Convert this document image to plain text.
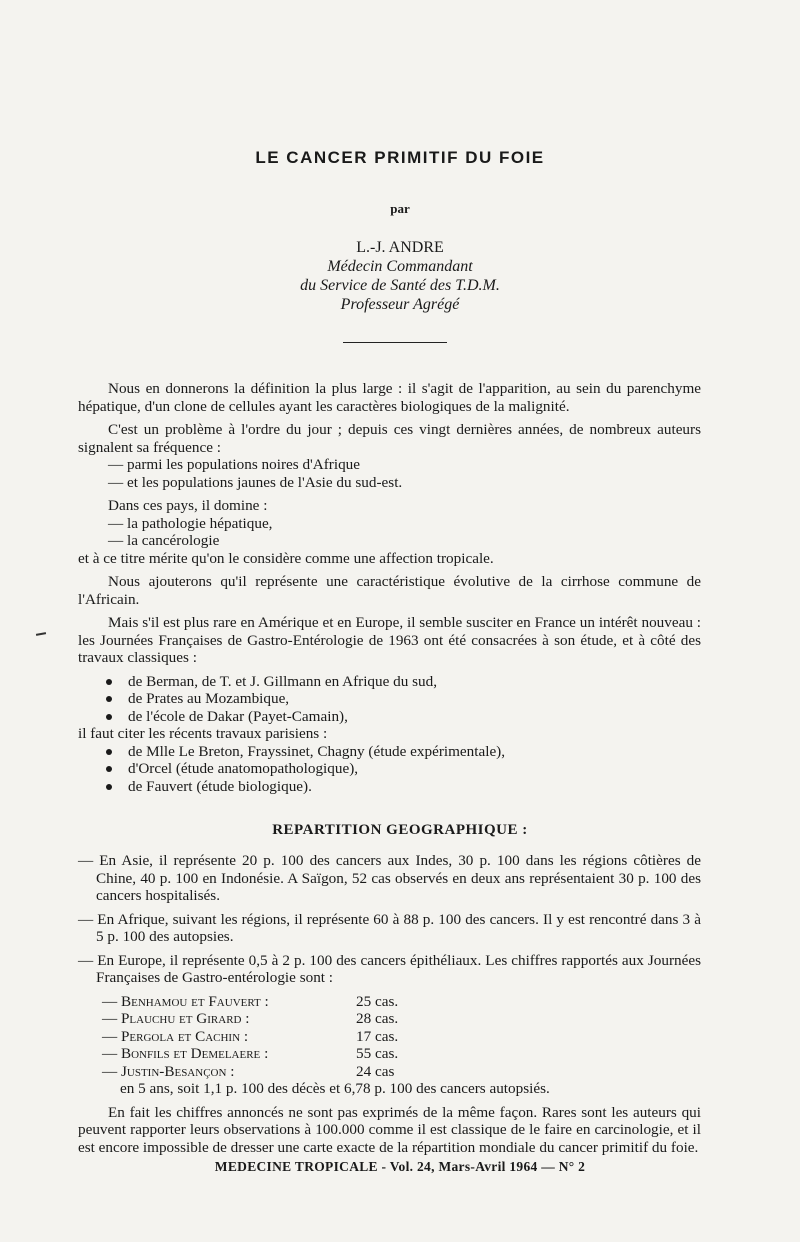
LE CANCER PRIMITIF DU FOIE
par
L.-J. ANDRE
Médecin Commandant
du Service de Santé des T.D.M.
Professeur Agrégé

Nous en donnerons la définition la plus large : il s'agit de l'apparition, au sein du parenchyme hépatique, d'un clone de cellules ayant les caractères biologiques de la malignité.

C'est un problème à l'ordre du jour ; depuis ces vingt dernières années, de nombreux auteurs signalent sa fréquence :

— parmi les populations noires d'Afrique

— et les populations jaunes de l'Asie du sud-est.

Dans ces pays, il domine :

— la pathologie hépatique,

— la cancérologie

et à ce titre mérite qu'on le considère comme une affection tropicale.

Nous ajouterons qu'il représente une caractéristique évolutive de la cirrhose commune de l'Africain.

Mais s'il est plus rare en Amérique et en Europe, il semble susciter en France un intérêt nouveau : les Journées Françaises de Gastro-Entérologie de 1963 ont été consacrées à son étude, et à côté des travaux classiques :

de Berman, de T. et J. Gillmann en Afrique du sud,

de Prates au Mozambique,

de l'école de Dakar (Payet-Camain),

il faut citer les récents travaux parisiens :

de Mlle Le Breton, Frayssinet, Chagny (étude expérimentale),

d'Orcel (étude anatomopathologique),

de Fauvert (étude biologique).

REPARTITION GEOGRAPHIQUE :

— En Asie, il représente 20 p. 100 des cancers aux Indes, 30 p. 100 dans les régions côtières de Chine, 40 p. 100 en Indonésie. A Saïgon, 52 cas observés en deux ans représentaient 30 p. 100 des cancers hospitalisés.

— En Afrique, suivant les régions, il représente 60 à 88 p. 100 des cancers. Il y est rencontré dans 3 à 5 p. 100 des autopsies.

— En Europe, il représente 0,5 à 2 p. 100 des cancers épithéliaux. Les chiffres rapportés aux Journées Françaises de Gastro-entérologie sont :

— Benhamou et Fauvert :	25 cas.
— Plauchu et Girard :	28 cas.
— Pergola et Cachin :	17 cas.
— Bonfils et Demelaere :	55 cas.
— Justin-Besançon :	24 cas

en 5 ans, soit 1,1 p. 100 des décès et 6,78 p. 100 des cancers autopsiés.

En fait les chiffres annoncés ne sont pas exprimés de la même façon. Rares sont les auteurs qui peuvent rapporter leurs observations à 100.000 comme il est classique de le faire en carcinologie, et il est encore impossible de dresser une carte exacte de la répartition mondiale du cancer primitif du foie.

MEDECINE TROPICALE - Vol. 24, Mars-Avril 1964 — N° 2
